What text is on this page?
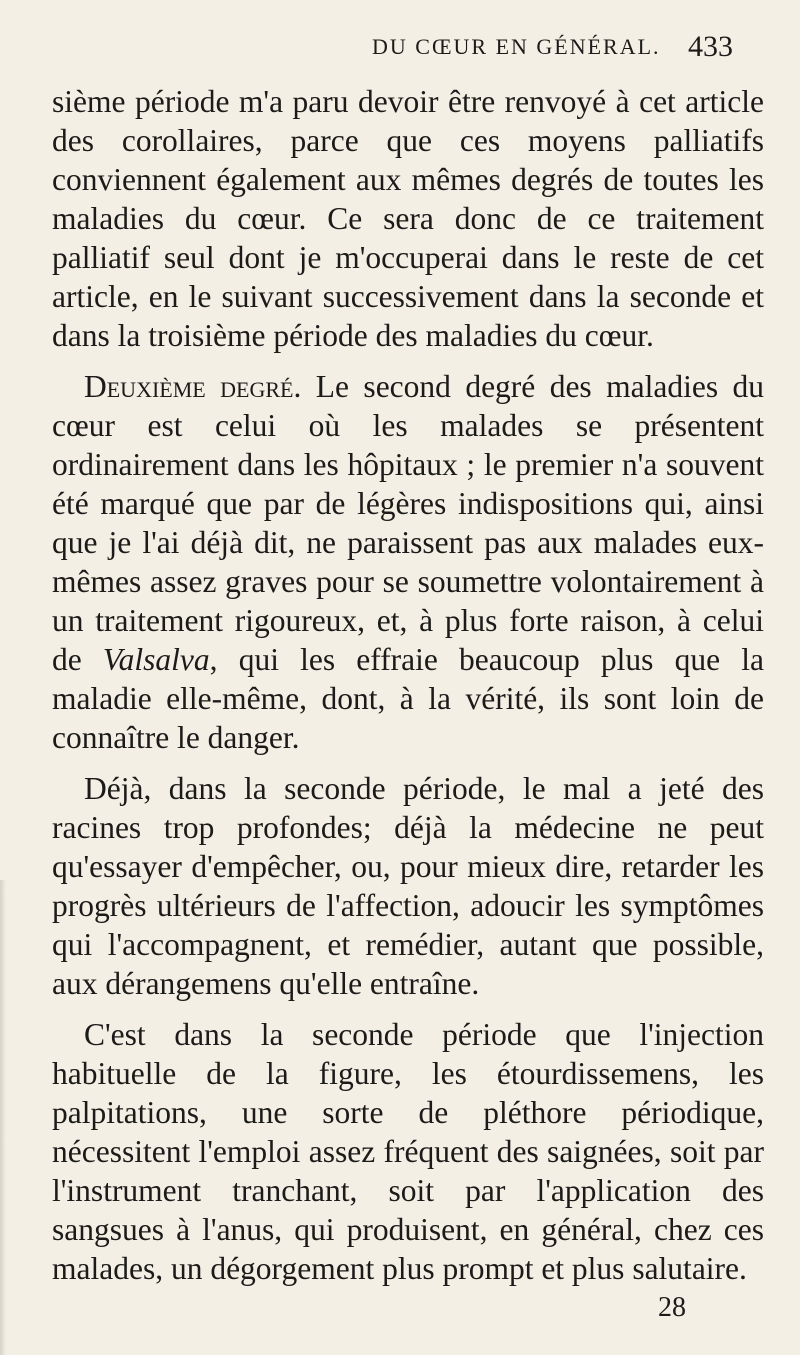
DU CŒUR EN GÉNÉRAL. 433

sième période m'a paru devoir être renvoyé à cet article des corollaires, parce que ces moyens palliatifs conviennent également aux mêmes degrés de toutes les maladies du cœur. Ce sera donc de ce traitement palliatif seul dont je m'occuperai dans le reste de cet article, en le suivant successivement dans la seconde et dans la troisième période des maladies du cœur.

Deuxième degré. Le second degré des maladies du cœur est celui où les malades se présentent ordinairement dans les hôpitaux ; le premier n'a souvent été marqué que par de légères indispositions qui, ainsi que je l'ai déjà dit, ne paraissent pas aux malades eux-mêmes assez graves pour se soumettre volontairement à un traitement rigoureux, et, à plus forte raison, à celui de Valsalva, qui les effraie beaucoup plus que la maladie elle-même, dont, à la vérité, ils sont loin de connaître le danger.

Déjà, dans la seconde période, le mal a jeté des racines trop profondes; déjà la médecine ne peut qu'essayer d'empêcher, ou, pour mieux dire, retarder les progrès ultérieurs de l'affection, adoucir les symptômes qui l'accompagnent, et remédier, autant que possible, aux dérangemens qu'elle entraîne.

C'est dans la seconde période que l'injection habituelle de la figure, les étourdissemens, les palpitations, une sorte de pléthore périodique, nécessitent l'emploi assez fréquent des saignées, soit par l'instrument tranchant, soit par l'application des sangsues à l'anus, qui produisent, en général, chez ces malades, un dégorgement plus prompt et plus salutaire.

28
